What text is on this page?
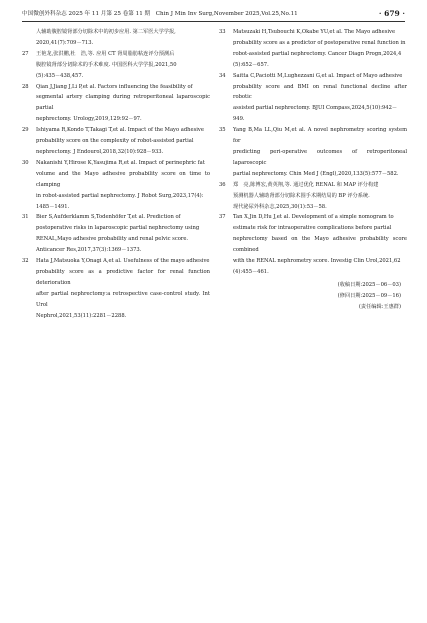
中国微创外科杂志 2025 年 11 月第 25 卷第 11 期　Chin J Min Inv Surg,November 2025,Vol.25,No.11	· 679 ·
人辅助腹腔镜肾部分切除术中的初步应用. 第二军医大学学报,
2020,41(7):709－713.
27	王艳龙,张洪鹏,杜　浩,等. 应用 CT 肾周脂肪粘连评分预测后
腹腔镜肾部分切除术的手术难度. 中国医科大学学报,2021,50
(5):435－438,457.
28	Qian J,Jiang J,Li P,et al. Factors influencing the feasibility of
segmental artery clamping during retroperitoneal laparoscopic partial
nephrectomy. Urology,2019,129:92－97.
29	Ishiyama R,Kondo T,Takagi T,et al. Impact of the Mayo adhesive
probability score on the complexity of robot-assisted partial
nephrectomy. J Endourol,2018,32(10):928－933.
30	Nakanishi Y,Hirose K,Yasujima R,et al. Impact of perinephric fat
volume and the Mayo adhesive probability score on time to clamping
in robot-assisted partial nephrectomy. J Robot Surg,2023,17(4):
1485－1491.
31	Bier S,Aufderklamm S,Todenhöfer T,et al. Prediction of
postoperative risks in laparoscopic partial nephrectomy using
RENAL,Mayo adhesive probability and renal pelvic score.
Anticancer Res,2017,37(3):1369－1373.
32	Hata J,Matsuoka Y,Onagi A,et al. Usefulness of the mayo adhesive
probability score as a predictive factor for renal function deterioration
after partial nephrectomy:a retrospective case-control study. Int Urol
Nephrol,2021,53(11):2281－2288.
33	Matsuzaki H,Tsubouchi K,Okabe YU,et al. The Mayo adhesive
probability score as a predictor of postoperative renal function in
robot-assisted partial nephrectomy. Cancer Diagn Progn,2024,4
(5):652－657.
34	Saitta C,Paciotti M,Lughezzani G,et al. Impact of Mayo adhesive
probability score and BMI on renal functional decline after robotic
assisted partial nephrectomy. BJUI Compass,2024,5(10):942－
949.
35	Yang B,Ma LL,Qiu M,et al. A novel nephrometry scoring system for
predicting peri-operative outcomes of retroperitoneal laparoscopic
partial nephrectomy. Chin Med J (Engl),2020,133(5):577－582.
36	郑　亮,陈博宏,黄英翔,等. 通过优化 RENAL 和 MAP 评分构建
预测机器人辅助肾部分切除术围手术期结局的 BP 评分系统.
现代泌尿外科杂志,2025,30(1):53－58.
37	Tan X,Jin D,Hu J,et al. Development of a simple nomogram to
estimate risk for intraoperative complications before partial
nephrectomy based on the Mayo adhesive probability score combined
with the RENAL nephrometry score. Investig Clin Urol,2021,62
(4):455－461.
(收稿日期:2025－06－03)
(修回日期:2025－09－16)
(责任编辑:王惠群)
